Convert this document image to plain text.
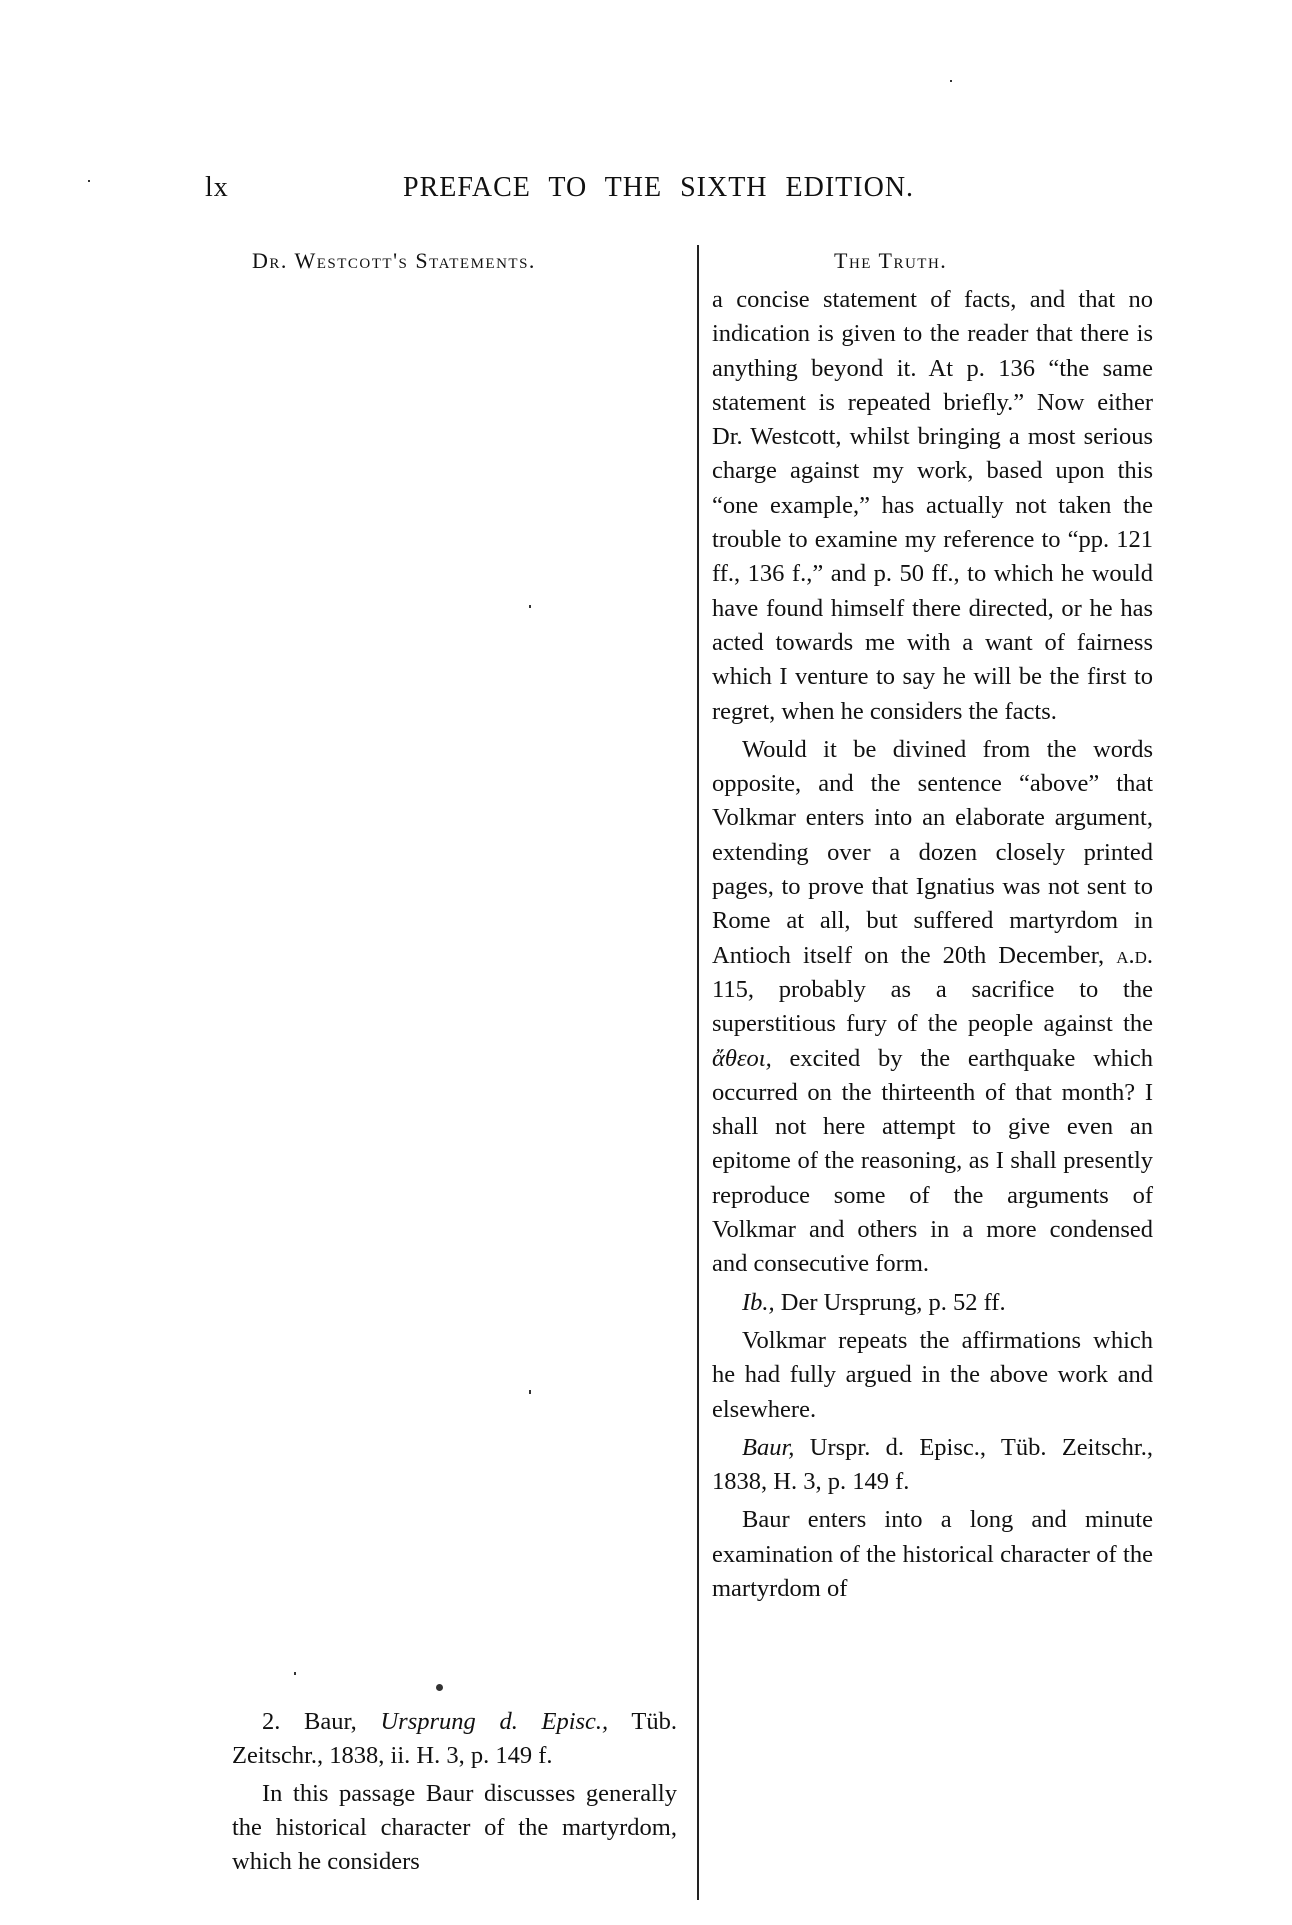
lx	PREFACE TO THE SIXTH EDITION.
Dr. Westcott's Statements.	The Truth.

a concise statement of facts, and that no indication is given to the reader that there is anything beyond it. At p. 136 “the same statement is repeated briefly.” Now either Dr. Westcott, whilst bringing a most serious charge against my work, based upon this “one example,” has actually not taken the trouble to examine my reference to “pp. 121 ff., 136 f.,” and p. 50 ff., to which he would have found himself there directed, or he has acted towards me with a want of fairness which I venture to say he will be the first to regret, when he considers the facts.

Would it be divined from the words opposite, and the sentence “above” that Volkmar enters into an elaborate argument, extending over a dozen closely printed pages, to prove that Ignatius was not sent to Rome at all, but suffered martyrdom in Antioch itself on the 20th December, a.d. 115, probably as a sacrifice to the superstitious fury of the people against the ἄθεοι, excited by the earthquake which occurred on the thirteenth of that month? I shall not here attempt to give even an epitome of the reasoning, as I shall presently reproduce some of the arguments of Volkmar and others in a more condensed and consecutive form.

Ib., Der Ursprung, p. 52 ff.

Volkmar repeats the affirmations which he had fully argued in the above work and elsewhere.

Baur, Urspr. d. Episc., Tüb. Zeitschr., 1838, H. 3, p. 149 f.

Baur enters into a long and minute examination of the historical character of the martyrdom of

2. Baur, Ursprung d. Episc., Tüb. Zeitschr., 1838, ii. H. 3, p. 149 f.

In this passage Baur discusses generally the historical character of the martyrdom, which he considers
